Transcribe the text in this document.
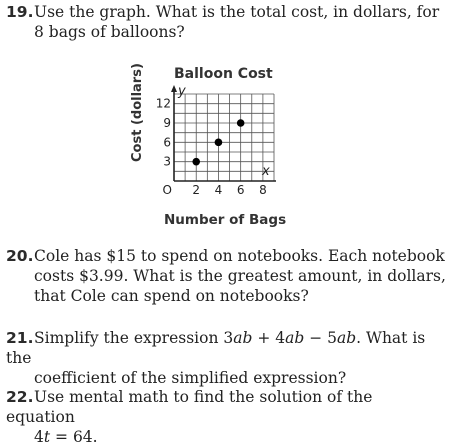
19.Use the graph. What is the total cost, in dollars, for
8 bags of balloons?
Balloon Cost
Cost (dollars)	y
x
O
3
6
9
12
2 4 6 8
Number of Bags
20.Cole has $15 to spend on notebooks. Each notebook
costs $3.99. What is the greatest amount, in dollars,
that Cole can spend on notebooks?
21.Simplify the expression 3ab + 4ab − 5ab. What is the
coefficient of the simplified expression?
22.Use mental math to find the solution of the equation
4t = 64.
